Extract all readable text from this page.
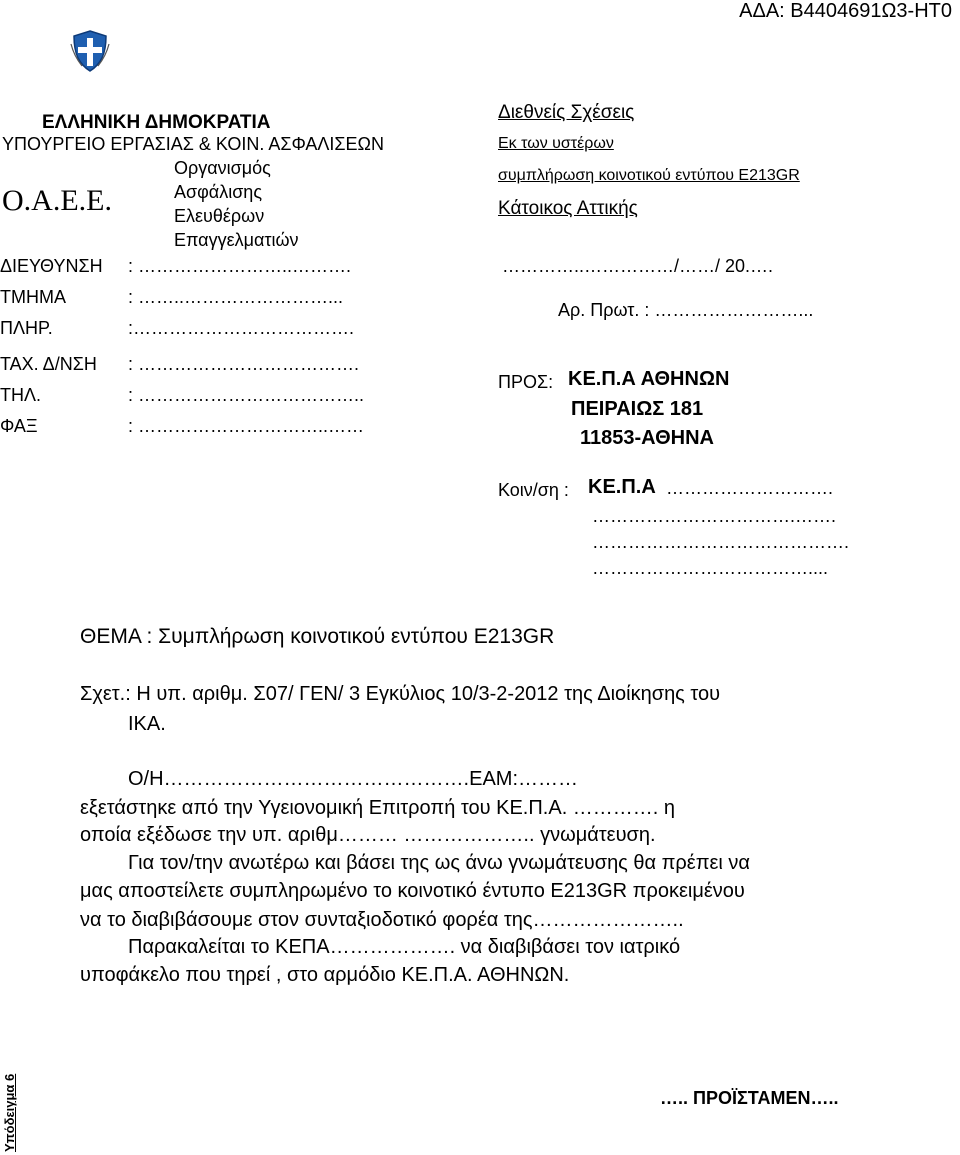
ΑΔΑ: Β4404691Ω3-ΗΤ0
ΕΛΛΗΝΙΚΗ ΔΗΜΟΚΡΑΤΙΑ
ΥΠΟΥΡΓΕΙΟ ΕΡΓΑΣΙΑΣ & ΚΟΙΝ. ΑΣΦΑΛΙΣΕΩΝ
Ο.Α.Ε.Ε.
Οργανισμός
Ασφάλισης
Ελευθέρων
Επαγγελματιών
ΔΙΕΥΘΥΝΣΗ : ……………………..……….
ΤΜΗΜΑ	: ……..……………………...
ΠΛΗΡ.	:……………………………….
ΤΑΧ. Δ/ΝΣΗ : ……………………………….
ΤΗΛ.	: ………………………………..
ΦΑΞ	: …………………………..……
Διεθνείς Σχέσεις
Εκ των υστέρων
συμπλήρωση κοινοτικού εντύπου Ε213GR
Κάτοικος Αττικής
…………..……………/……/ 20.….
Αρ. Πρωτ. : ……………………...
ΠΡΟΣ: ΚΕ.Π.Α ΑΘΗΝΩΝ
ΠΕΙΡΑΙΩΣ 181
11853-ΑΘΗΝΑ
Κοιν/ση : ΚΕ.Π.Α ……………………….
…………………………….…….
…………………………………….
………………………………....
ΘΕΜΑ : Συμπλήρωση κοινοτικού εντύπου Ε213GR
Σχετ.: Η υπ. αριθμ. Σ07/ ΓΕΝ/ 3 Εγκύλιος 10/3-2-2012 της Διοίκησης του
ΙΚΑ.
Ο/Η……………………………………….ΕΑΜ:………
εξετάστηκε από την Υγειονομική Επιτροπή του ΚΕ.Π.Α. …………. η
οποία εξέδωσε την υπ. αριθμ……… ……………….. γνωμάτευση.
Για τον/την ανωτέρω και βάσει της ως άνω γνωμάτευσης θα πρέπει να
μας αποστείλετε συμπληρωμένο το κοινοτικό έντυπο Ε213GR προκειμένου
να το διαβιβάσουμε στον συνταξιοδοτικό φορέα της…………………..
Παρακαλείται το ΚΕΠΑ………………. να διαβιβάσει τον ιατρικό
υποφάκελο που τηρεί , στο αρμόδιο ΚΕ.Π.Α. ΑΘΗΝΩΝ.
….. ΠΡΟΪΣΤΑΜΕΝ…..
Υπόδειγμα 6
